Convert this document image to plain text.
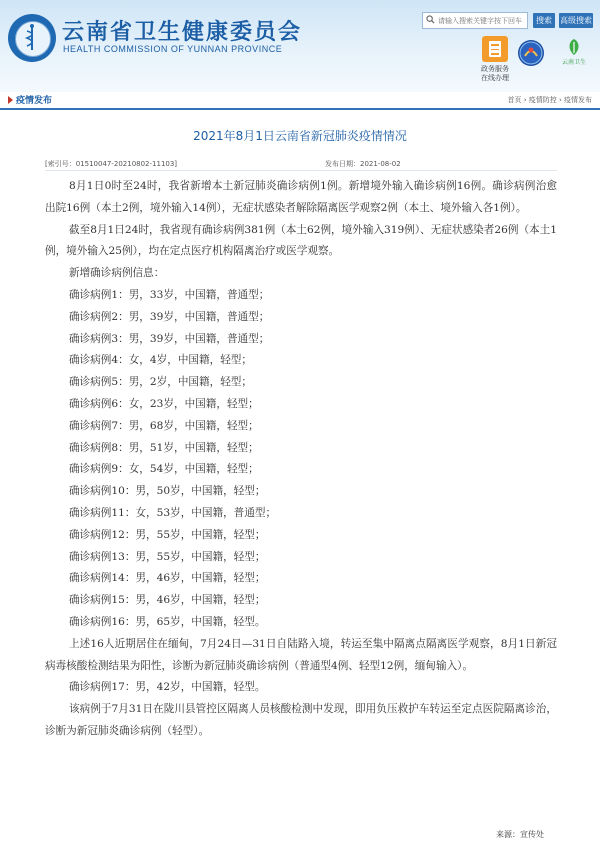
云南省卫生健康委员会
HEALTH COMMISSION OF YUNNAN PROVINCE
请输入搜索关键字按下回车
搜索	高级搜索
政务服务
在线办理
云南卫生
疫情发布	首页 › 疫情防控 › 疫情发布
2021年8月1日云南省新冠肺炎疫情情况
[索引号：01510047-20210802-11103]	发布日期：2021-08-02

8月1日0时至24时，我省新增本土新冠肺炎确诊病例1例。新增境外输入确诊病例16例。确诊病例治愈出院16例（本土2例，境外输入14例），无症状感染者解除隔离医学观察2例（本土、境外输入各1例）。

截至8月1日24时，我省现有确诊病例381例（本土62例，境外输入319例）、无症状感染者26例（本土1例，境外输入25例），均在定点医疗机构隔离治疗或医学观察。

新增确诊病例信息：

确诊病例1：男，33岁，中国籍，普通型；

确诊病例2：男，39岁，中国籍，普通型；

确诊病例3：男，39岁，中国籍，普通型；

确诊病例4：女，4岁，中国籍，轻型；

确诊病例5：男，2岁，中国籍，轻型；

确诊病例6：女，23岁，中国籍，轻型；

确诊病例7：男，68岁，中国籍，轻型；

确诊病例8：男，51岁，中国籍，轻型；

确诊病例9：女，54岁，中国籍，轻型；

确诊病例10：男，50岁，中国籍，轻型；

确诊病例11：女，53岁，中国籍，普通型；

确诊病例12：男，55岁，中国籍，轻型；

确诊病例13：男，55岁，中国籍，轻型；

确诊病例14：男，46岁，中国籍，轻型；

确诊病例15：男，46岁，中国籍，轻型；

确诊病例16：男，65岁，中国籍，轻型。

上述16人近期居住在缅甸，7月24日—31日自陆路入境，转运至集中隔离点隔离医学观察，8月1日新冠病毒核酸检测结果为阳性，诊断为新冠肺炎确诊病例（普通型4例、轻型12例，缅甸输入）。

确诊病例17：男，42岁，中国籍，轻型。

该病例于7月31日在陇川县管控区隔离人员核酸检测中发现，即用负压救护车转运至定点医院隔离诊治，诊断为新冠肺炎确诊病例（轻型）。

来源：宣传处
